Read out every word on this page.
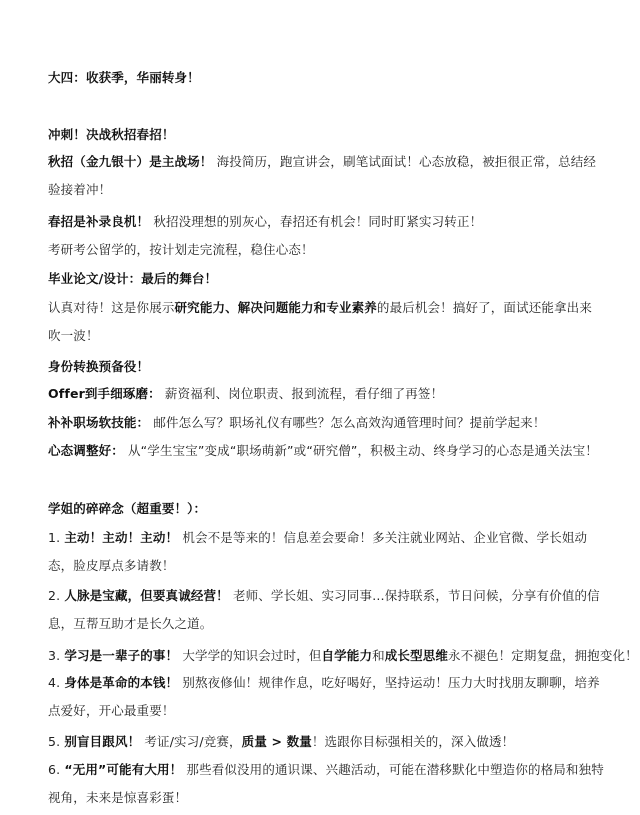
大四：收获季，华丽转身！
冲刺！决战秋招春招！
秋招（金九银十）是主战场！ 海投简历，跑宣讲会，刷笔试面试！心态放稳，被拒很正常，总结经验接着冲！
春招是补录良机！ 秋招没理想的别灰心，春招还有机会！同时盯紧实习转正！
考研考公留学的，按计划走完流程，稳住心态！
毕业论文/设计：最后的舞台！
认真对待！这是你展示研究能力、解决问题能力和专业素养的最后机会！搞好了，面试还能拿出来吹一波！
身份转换预备役！
Offer到手细琢磨： 薪资福利、岗位职责、报到流程，看仔细了再签！
补补职场软技能： 邮件怎么写？职场礼仪有哪些？怎么高效沟通管理时间？提前学起来！
心态调整好： 从“学生宝宝”变成“职场萌新”或“研究僧”，积极主动、终身学习的心态是通关法宝！
学姐的碎碎念（超重要！）：
1. 主动！主动！主动！ 机会不是等来的！信息差会要命！多关注就业网站、企业官微、学长姐动态，脸皮厚点多请教！
2. 人脉是宝藏，但要真诚经营！ 老师、学长姐、实习同事…保持联系，节日问候，分享有价值的信息，互帮互助才是长久之道。
3. 学习是一辈子的事！ 大学学的知识会过时，但自学能力和成长型思维永不褪色！定期复盘，拥抱变化！
4. 身体是革命的本钱！ 别熬夜修仙！规律作息，吃好喝好，坚持运动！压力大时找朋友聊聊，培养点爱好，开心最重要！
5. 别盲目跟风！ 考证/实习/竞赛，质量 > 数量！选跟你目标强相关的，深入做透！
6. “无用”可能有大用！ 那些看似没用的通识课、兴趣活动，可能在潜移默化中塑造你的格局和独特视角，未来是惊喜彩蛋！
